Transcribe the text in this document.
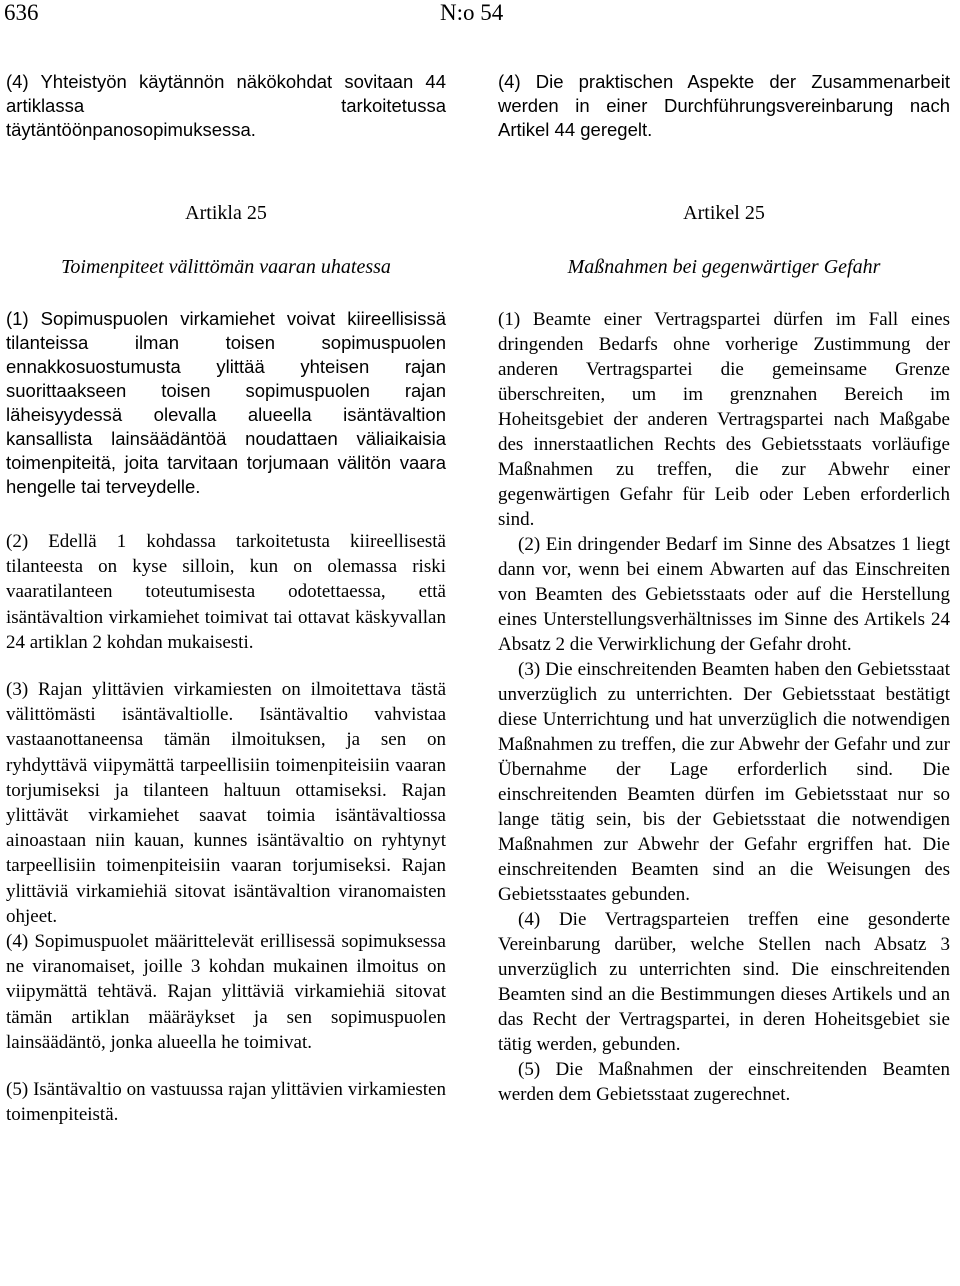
636	N:o 54

(4) Yhteistyön käytännön näkökohdat sovitaan 44 artiklassa tarkoitetussa täytäntöönpanosopimuksessa.

Artikla 25

Toimenpiteet välittömän vaaran uhatessa

(1) Sopimuspuolen virkamiehet voivat kiireellisissä tilanteissa ilman toisen sopimuspuolen ennakkosuostumusta ylittää yhteisen rajan suorittaakseen toisen sopimuspuolen rajan läheisyydessä olevalla alueella isäntävaltion kansallista lainsäädäntöä noudattaen väliaikaisia toimenpiteitä, joita tarvitaan torjumaan välitön vaara hengelle tai terveydelle.

(2) Edellä 1 kohdassa tarkoitetusta kiireellisestä tilanteesta on kyse silloin, kun on olemassa riski vaaratilanteen toteutumisesta odotettaessa, että isäntävaltion virkamiehet toimivat tai ottavat käskyvallan 24 artiklan 2 kohdan mukaisesti.

(3) Rajan ylittävien virkamiesten on ilmoitettava tästä välittömästi isäntävaltiolle. Isäntävaltio vahvistaa vastaanottaneensa tämän ilmoituksen, ja sen on ryhdyttävä viipymättä tarpeellisiin toimenpiteisiin vaaran torjumiseksi ja tilanteen haltuun ottamiseksi. Rajan ylittävät virkamiehet saavat toimia isäntävaltiossa ainoastaan niin kauan, kunnes isäntävaltio on ryhtynyt tarpeellisiin toimenpiteisiin vaaran torjumiseksi. Rajan ylittäviä virkamiehiä sitovat isäntävaltion viranomaisten ohjeet.

(4) Sopimuspuolet määrittelevät erillisessä sopimuksessa ne viranomaiset, joille 3 kohdan mukainen ilmoitus on viipymättä tehtävä. Rajan ylittäviä virkamiehiä sitovat tämän artiklan määräykset ja sen sopimuspuolen lainsäädäntö, jonka alueella he toimivat.

(5) Isäntävaltio on vastuussa rajan ylittävien virkamiesten toimenpiteistä.

(4) Die praktischen Aspekte der Zusammenarbeit werden in einer Durchführungsvereinbarung nach Artikel 44 geregelt.

Artikel 25

Maßnahmen bei gegenwärtiger Gefahr

(1) Beamte einer Vertragspartei dürfen im Fall eines dringenden Bedarfs ohne vorherige Zustimmung der anderen Vertragspartei die gemeinsame Grenze überschreiten, um im grenznahen Bereich im Hoheitsgebiet der anderen Vertragspartei nach Maßgabe des innerstaatlichen Rechts des Gebietsstaats vorläufige Maßnahmen zu treffen, die zur Abwehr einer gegenwärtigen Gefahr für Leib oder Leben erforderlich sind.

(2) Ein dringender Bedarf im Sinne des Absatzes 1 liegt dann vor, wenn bei einem Abwarten auf das Einschreiten von Beamten des Gebietsstaats oder auf die Herstellung eines Unterstellungsverhältnisses im Sinne des Artikels 24 Absatz 2 die Verwirklichung der Gefahr droht.

(3) Die einschreitenden Beamten haben den Gebietsstaat unverzüglich zu unterrichten. Der Gebietsstaat bestätigt diese Unterrichtung und hat unverzüglich die notwendigen Maßnahmen zu treffen, die zur Abwehr der Gefahr und zur Übernahme der Lage erforderlich sind. Die einschreitenden Beamten dürfen im Gebietsstaat nur so lange tätig sein, bis der Gebietsstaat die notwendigen Maßnahmen zur Abwehr der Gefahr ergriffen hat. Die einschreitenden Beamten sind an die Weisungen des Gebietsstaates gebunden.

(4) Die Vertragsparteien treffen eine gesonderte Vereinbarung darüber, welche Stellen nach Absatz 3 unverzüglich zu unterrichten sind. Die einschreitenden Beamten sind an die Bestimmungen dieses Artikels und an das Recht der Vertragspartei, in deren Hoheitsgebiet sie tätig werden, gebunden.

(5) Die Maßnahmen der einschreitenden Beamten werden dem Gebietsstaat zugerechnet.
